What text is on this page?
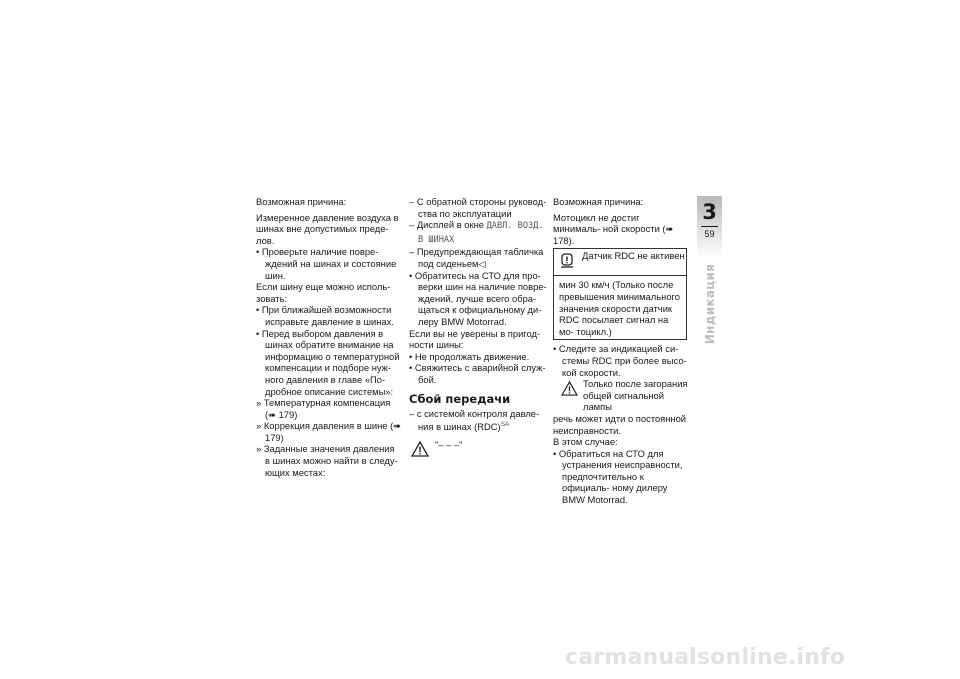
Возможная причина:

Измеренное давление воздуха в шинах вне допустимых преде- лов.

• Проверьте наличие повре- ждений на шинах и состояние шин.

Если шину еще можно исполь- зовать:

• При ближайшей возможности исправьте давление в шинах.

• Перед выбором давления в шинах обратите внимание на информацию о температурной компенсации и подборе нуж- ного давления в главе «По- дробное описание системы»:

» Температурная компенсация (➠ 179)

» Коррекция давления в шине (➠ 179)

» Заданные значения давления в шинах можно найти в следу- ющих местах:

– С обратной стороны руковод- ства по эксплуатации

– Дисплей в окне ДАВЛ. ВОЗД. В ШИНАХ

– Предупреждающая табличка под сиденьем◁

• Обратитесь на СТО для про- верки шин на наличие повре- ждений, лучше всего обра- щаться к официальному ди- леру BMW Motorrad.

Если вы не уверены в пригод- ности шины:

• Не продолжать движение.

• Свяжитесь с аварийной служ- бой.

Сбой передачи

– с системой контроля давле- ния в шинах (RDC)$^{SA}$

"– – –"

Возможная причина:

Мотоцикл не достиг минималь- ной скорости (➠ 178).

Датчик RDC не активен

мин 30 км/ч (Только после превышения минимального значения скорости датчик RDC посылает сигнал на мо- тоцикл.)

• Следите за индикацией си- стемы RDC при более высо- кой скорости.

Только после загорания

общей сигнальной лампы

речь может идти о постоянной неисправности.

В этом случае:

• Обратиться на СТО для устранения неисправности, предпочтительно к официаль- ному дилеру BMW Motorrad.

3
59
Индикация
carmanualsonline.info
